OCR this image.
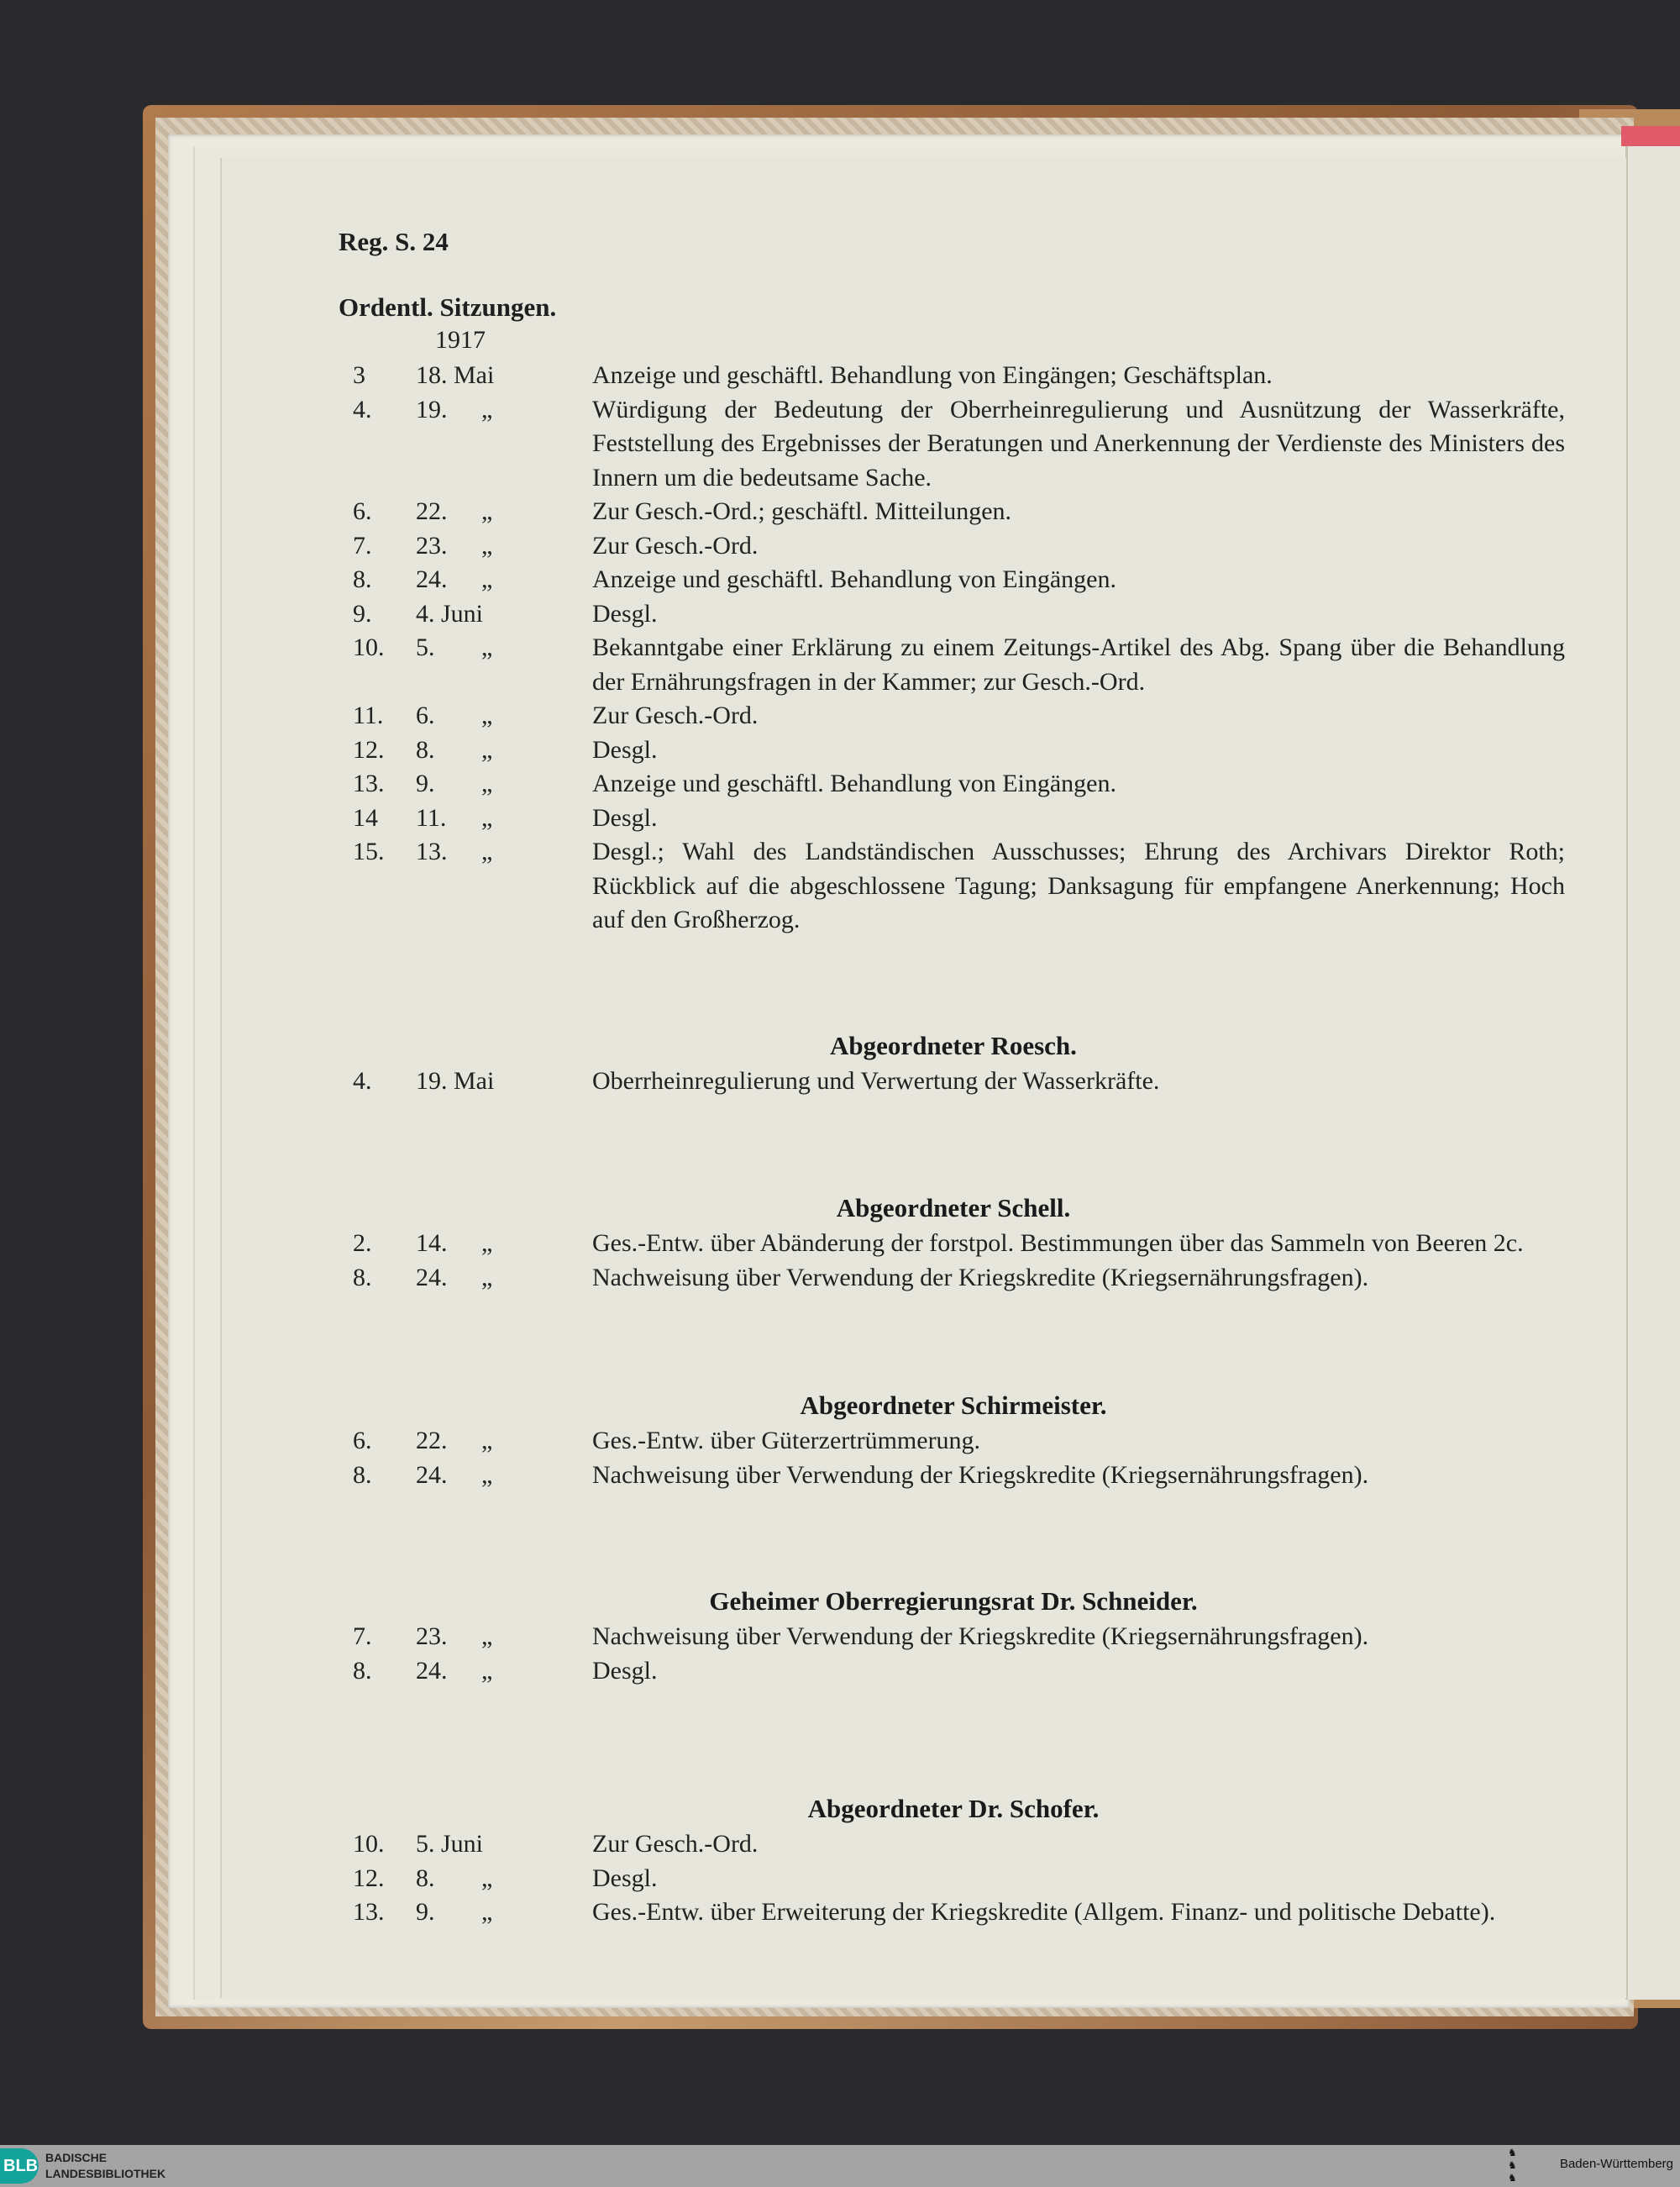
Reg. S. 24
Ordentl. Sitzungen.
1917
3 18. Mai	Anzeige und geschäftl. Behandlung von Eingängen; Geschäftsplan.
4. 19. „	Würdigung der Bedeutung der Oberrheinregulierung und Ausnützung der Wasserkräfte, Feststellung des Ergebnisses der Beratungen und Anerkennung der Verdienste des Ministers des Innern um die bedeutsame Sache.
6. 22. „	Zur Gesch.-Ord.; geschäftl. Mitteilungen.
7. 23. „	Zur Gesch.-Ord.
8. 24. „	Anzeige und geschäftl. Behandlung von Eingängen.
9. 4. Juni	Desgl.
10. 5. „	Bekanntgabe einer Erklärung zu einem Zeitungs-Artikel des Abg. Spang über die Behandlung der Ernährungsfragen in der Kammer; zur Gesch.-Ord.
11. 6. „	Zur Gesch.-Ord.
12. 8. „	Desgl.
13. 9. „	Anzeige und geschäftl. Behandlung von Eingängen.
14 11. „	Desgl.
15. 13. „	Desgl.; Wahl des Landständischen Ausschusses; Ehrung des Archivars Direktor Roth; Rückblick auf die abgeschlossene Tagung; Danksagung für empfangene Anerkennung; Hoch auf den Großherzog.
Abgeordneter Roesch.
4. 19. Mai	Oberrheinregulierung und Verwertung der Wasserkräfte.
Abgeordneter Schell.
2. 14. „	Ges.-Entw. über Abänderung der forstpol. Bestimmungen über das Sammeln von Beeren 2c.
8. 24. „	Nachweisung über Verwendung der Kriegskredite (Kriegsernährungsfragen).
Abgeordneter Schirmeister.
6. 22. „	Ges.-Entw. über Güterzertrümmerung.
8. 24. „	Nachweisung über Verwendung der Kriegskredite (Kriegsernährungsfragen).
Geheimer Oberregierungsrat Dr. Schneider.
7. 23. „	Nachweisung über Verwendung der Kriegskredite (Kriegsernährungsfragen).
8. 24. „	Desgl.
Abgeordneter Dr. Schofer.
10. 5. Juni	Zur Gesch.-Ord.
12. 8. „	Desgl.
13. 9. „	Ges.-Entw. über Erweiterung der Kriegskredite (Allgem. Finanz- und politische Debatte).
BLB BADISCHE
LANDESBIBLIOTHEK
♞
♞
♞
Baden-Württemberg
